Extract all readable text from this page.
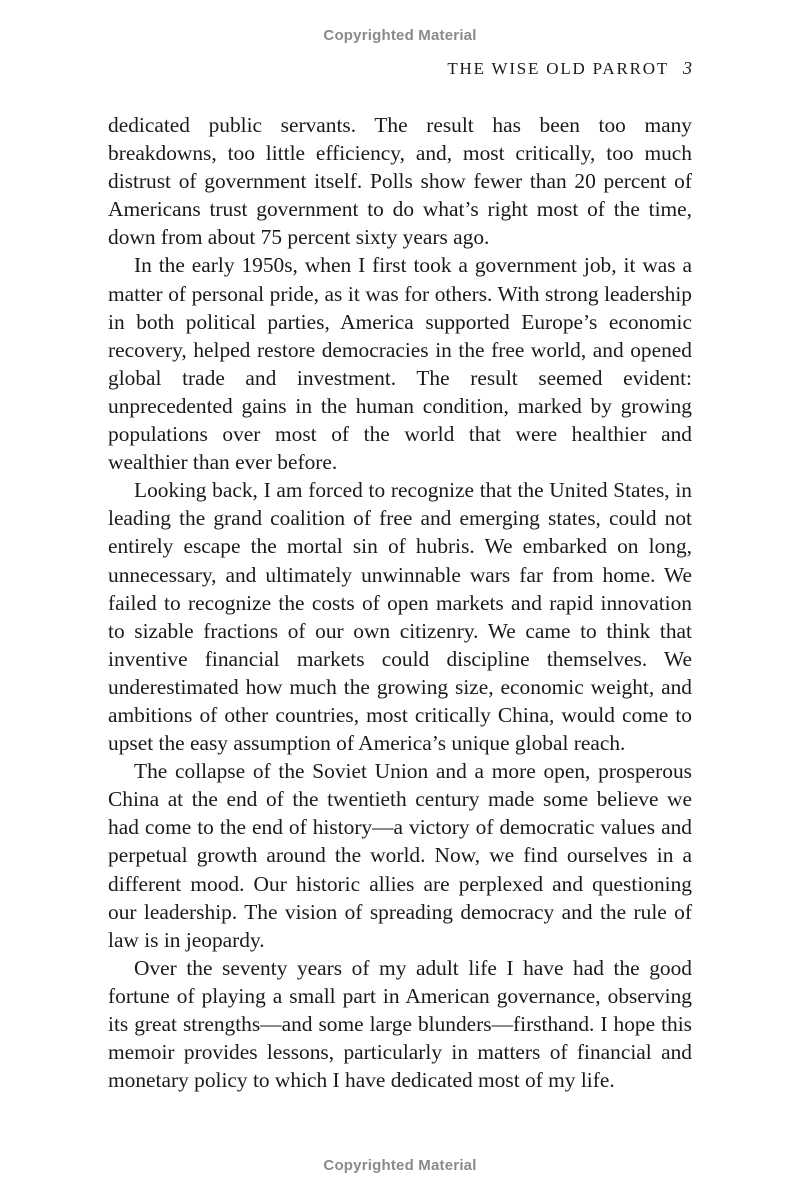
Copyrighted Material
THE WISE OLD PARROT 3

dedicated public servants. The result has been too many breakdowns, too little efficiency, and, most critically, too much distrust of government itself. Polls show fewer than 20 percent of Americans trust government to do what’s right most of the time, down from about 75 percent sixty years ago.

In the early 1950s, when I first took a government job, it was a matter of personal pride, as it was for others. With strong leadership in both political parties, America supported Europe’s economic recovery, helped restore democracies in the free world, and opened global trade and investment. The result seemed evident: unprecedented gains in the human condition, marked by growing populations over most of the world that were healthier and wealthier than ever before.

Looking back, I am forced to recognize that the United States, in leading the grand coalition of free and emerging states, could not entirely escape the mortal sin of hubris. We embarked on long, unnecessary, and ultimately unwinnable wars far from home. We failed to recognize the costs of open markets and rapid innovation to sizable fractions of our own citizenry. We came to think that inventive financial markets could discipline themselves. We underestimated how much the growing size, economic weight, and ambitions of other countries, most critically China, would come to upset the easy assumption of America’s unique global reach.

The collapse of the Soviet Union and a more open, prosperous China at the end of the twentieth century made some believe we had come to the end of history—a victory of democratic values and perpetual growth around the world. Now, we find ourselves in a different mood. Our historic allies are perplexed and questioning our leadership. The vision of spreading democracy and the rule of law is in jeopardy.

Over the seventy years of my adult life I have had the good fortune of playing a small part in American governance, observing its great strengths—and some large blunders—firsthand. I hope this memoir provides lessons, particularly in matters of financial and monetary policy to which I have dedicated most of my life.

Copyrighted Material
